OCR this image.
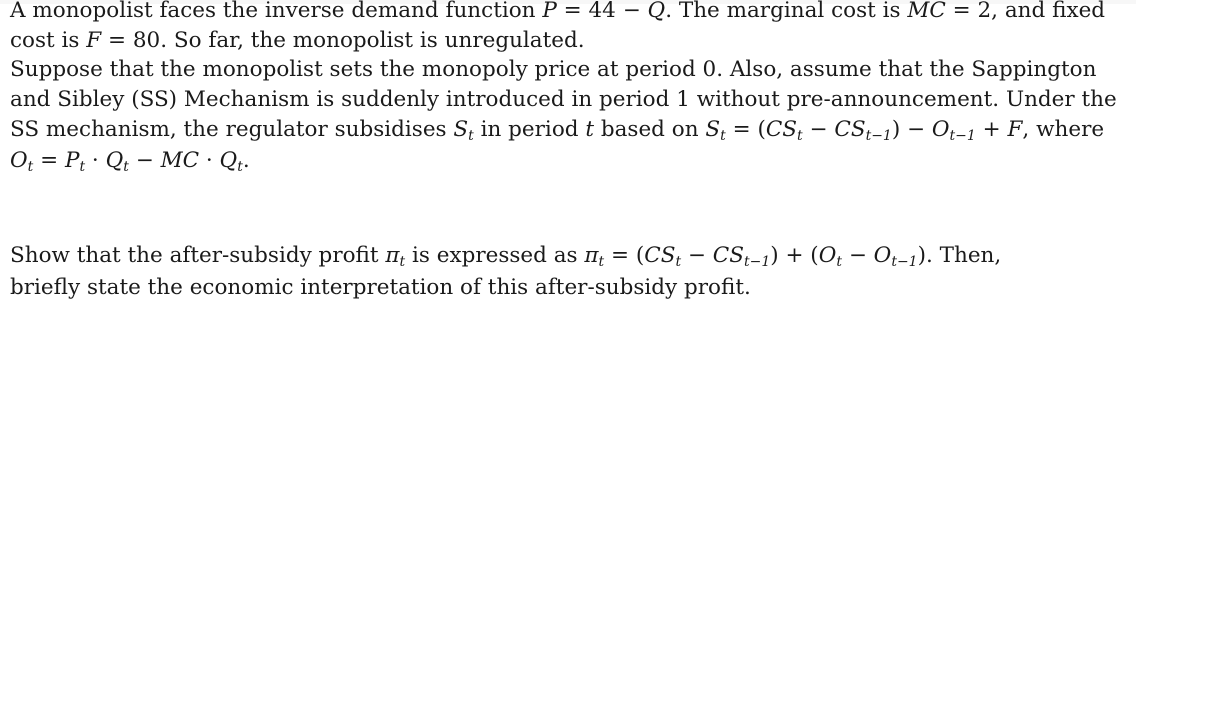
A monopolist faces the inverse demand function P = 44 − Q. The marginal cost is MC = 2, and fixed
cost is F = 80. So far, the monopolist is unregulated.
Suppose that the monopolist sets the monopoly price at period 0. Also, assume that the Sappington
and Sibley (SS) Mechanism is suddenly introduced in period 1 without pre-announcement. Under the
SS mechanism, the regulator subsidises $S_t$ in period t based on $S_t = (CS_t - CS_{t-1}) - O_{t-1} + F$, where
$O_t = P_t \cdot Q_t$ − MC · $Q_t$.
Show that the after-subsidy profit $\pi_t$ is expressed as $\pi_t = (CS_t - CS_{t-1}) + (O_t - O_{t-1})$. Then,
briefly state the economic interpretation of this after-subsidy profit.
